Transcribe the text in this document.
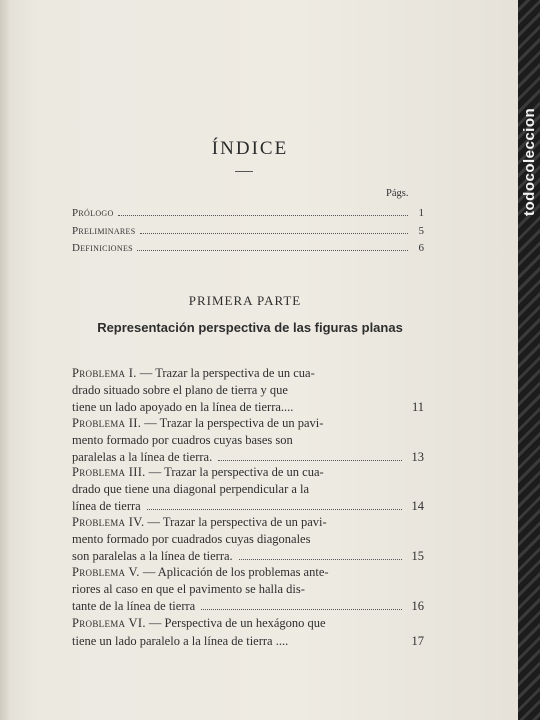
todocoleccion
ÍNDICE
Págs.
Prólogo	1
Preliminares	5
Definiciones	6
PRIMERA PARTE
Representación perspectiva de las figuras planas
Problema I. — Trazar la perspectiva de un cua-
drado situado sobre el plano de tierra y que
tiene un lado apoyado en la línea de tierra....	11
Problema II. — Trazar la perspectiva de un pavi-
mento formado por cuadros cuyas bases son
paralelas a la línea de tierra.	13
Problema III. — Trazar la perspectiva de un cua-
drado que tiene una diagonal perpendicular a la
línea de tierra	14
Problema IV. — Trazar la perspectiva de un pavi-
mento formado por cuadrados cuyas diagonales
son paralelas a la línea de tierra.	15
Problema V. — Aplicación de los problemas ante-
riores al caso en que el pavimento se halla dis-
tante de la línea de tierra	16
Problema VI. — Perspectiva de un hexágono que
tiene un lado paralelo a la línea de tierra ....	17
